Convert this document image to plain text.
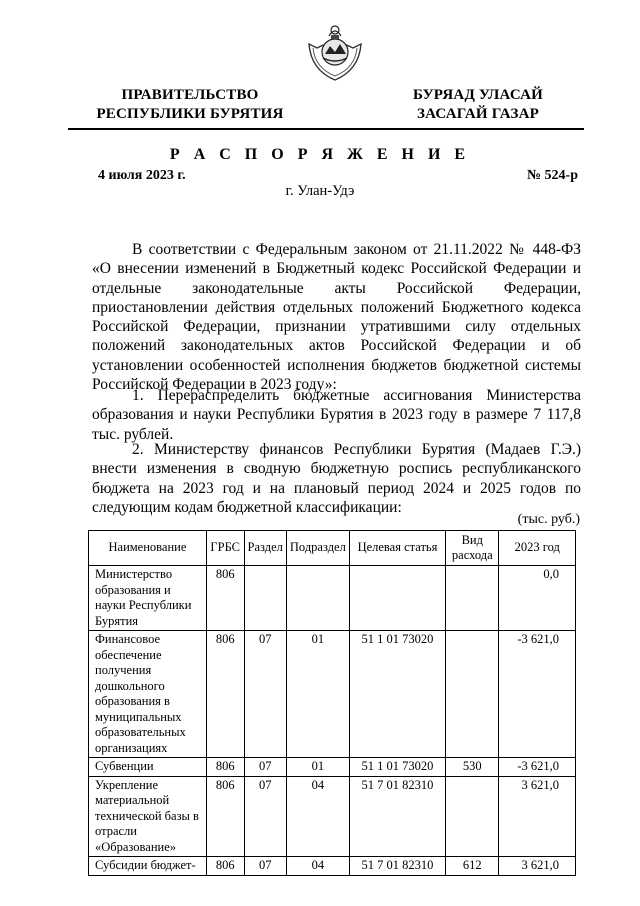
ПРАВИТЕЛЬСТВО
РЕСПУБЛИКИ БУРЯТИЯ
БУРЯАД УЛАСАЙ
ЗАСАГАЙ ГАЗАР
Р А С П О Р Я Ж Е Н И Е
4 июля 2023 г.	№ 524-р
г. Улан-Удэ
В соответствии с Федеральным законом от 21.11.2022 № 448-ФЗ «О внесении изменений в Бюджетный кодекс Российской Федерации и отдельные законодательные акты Российской Федерации, приостановлении действия отдельных положений Бюджетного кодекса Российской Федерации, признании утратившими силу отдельных положений законодательных актов Российской Федерации и об установлении особенностей исполнения бюджетов бюджетной системы Российской Федерации в 2023 году»:
1. Перераспределить бюджетные ассигнования Министерства образования и науки Республики Бурятия в 2023 году в размере 7 117,8 тыс. рублей.
2. Министерству финансов Республики Бурятия (Мадаев Г.Э.) внести изменения в сводную бюджетную роспись республиканского бюджета на 2023 год и на плановый период 2024 и 2025 годов по следующим кодам бюджетной классификации:
(тыс. руб.)
Наименование	ГРБС	Раздел	Подраздел	Целевая статья	Вид расхода	2023 год
Министерство образования и науки Республики Бурятия	806					0,0
Финансовое обеспечение получения дошкольного образования в муниципальных образовательных организациях	806	07	01	51 1 01 73020		-3 621,0
Субвенции	806	07	01	51 1 01 73020	530	-3 621,0
Укрепление материальной технической базы в отрасли «Образование»	806	07	04	51 7 01 82310		3 621,0
Субсидии бюджет-	806	07	04	51 7 01 82310	612	3 621,0
